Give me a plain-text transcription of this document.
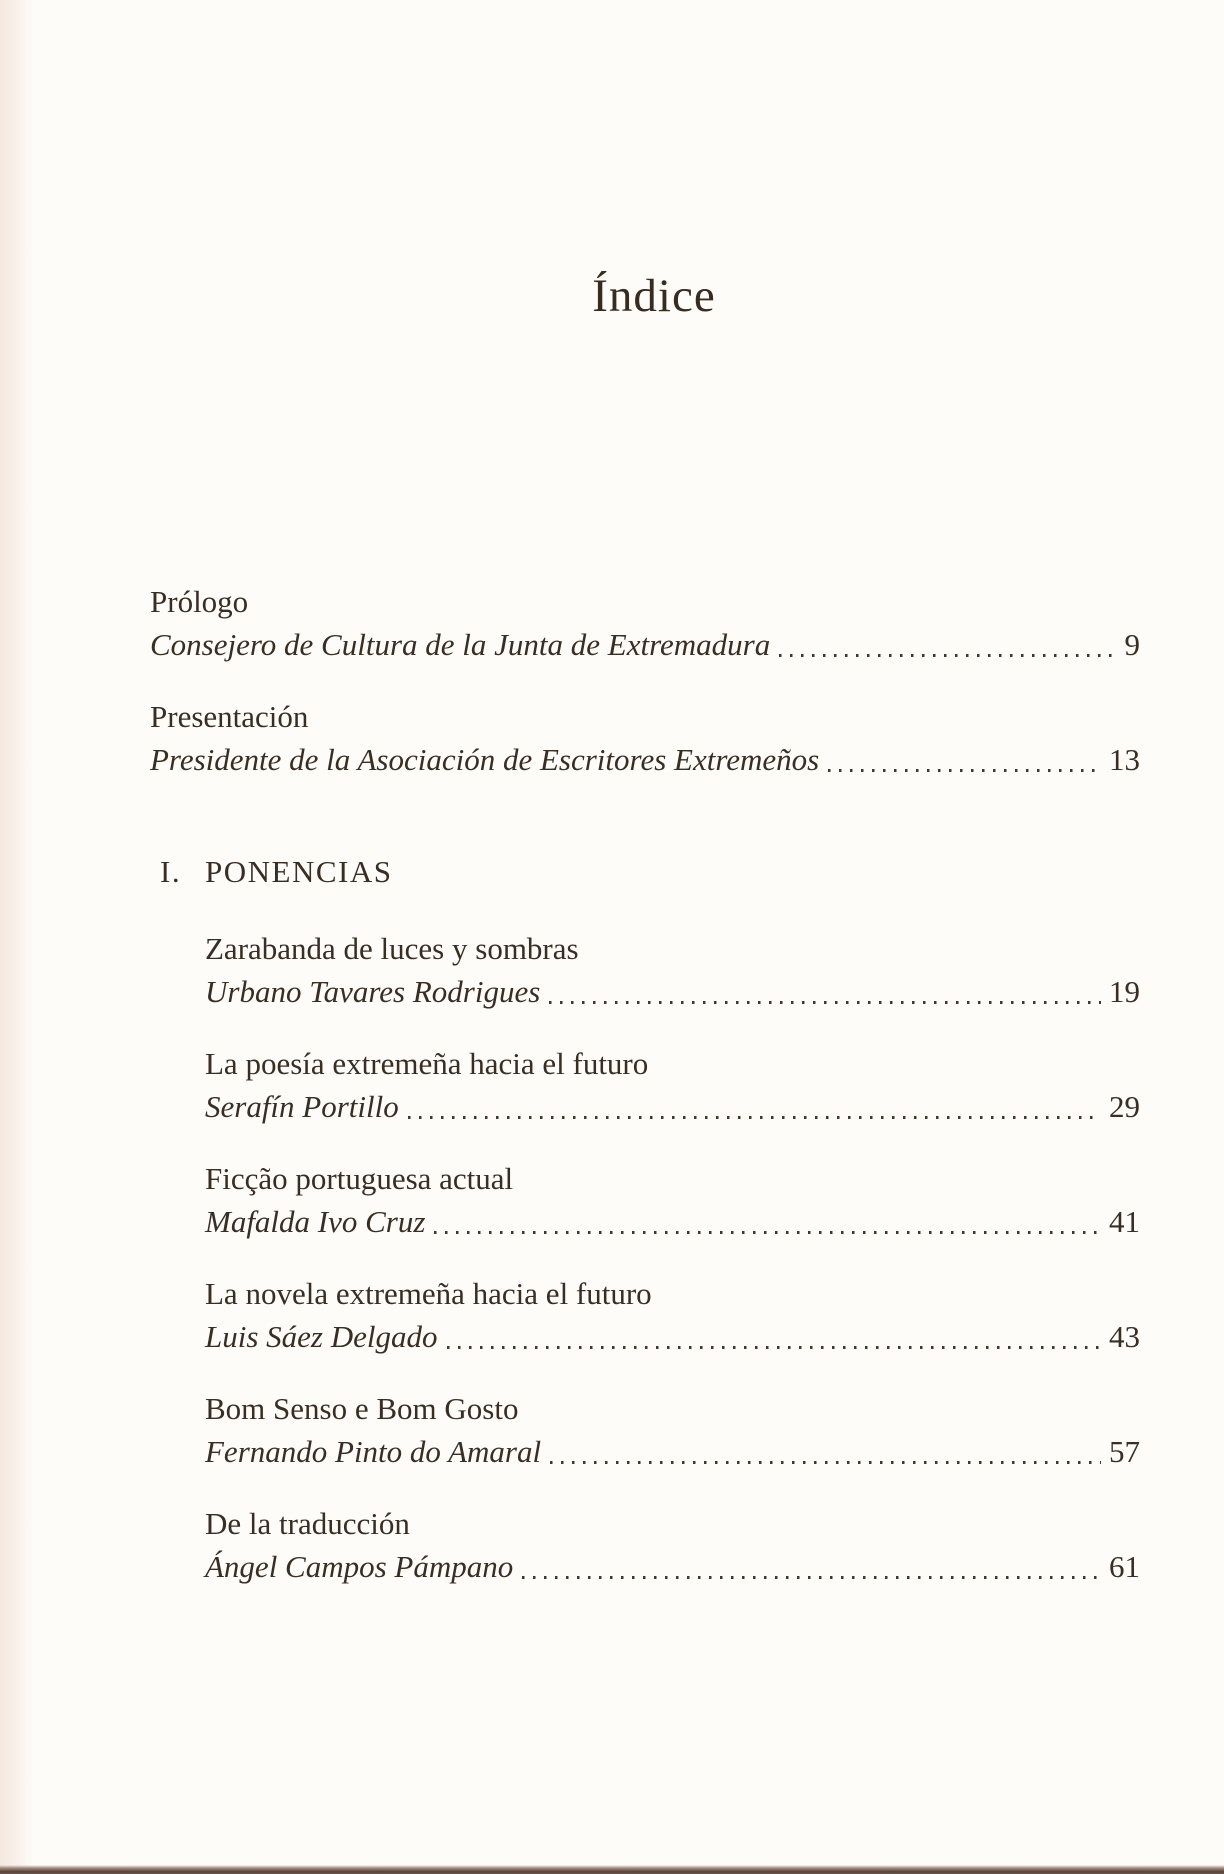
Índice
Prólogo
Consejero de Cultura de la Junta de Extremadura	9
Presentación
Presidente de la Asociación de Escritores Extremeños	13
I. PONENCIAS
Zarabanda de luces y sombras
Urbano Tavares Rodrigues	19
La poesía extremeña hacia el futuro
Serafín Portillo	29
Ficção portuguesa actual
Mafalda Ivo Cruz	41
La novela extremeña hacia el futuro
Luis Sáez Delgado	43
Bom Senso e Bom Gosto
Fernando Pinto do Amaral	57
De la traducción
Ángel Campos Pámpano	61
